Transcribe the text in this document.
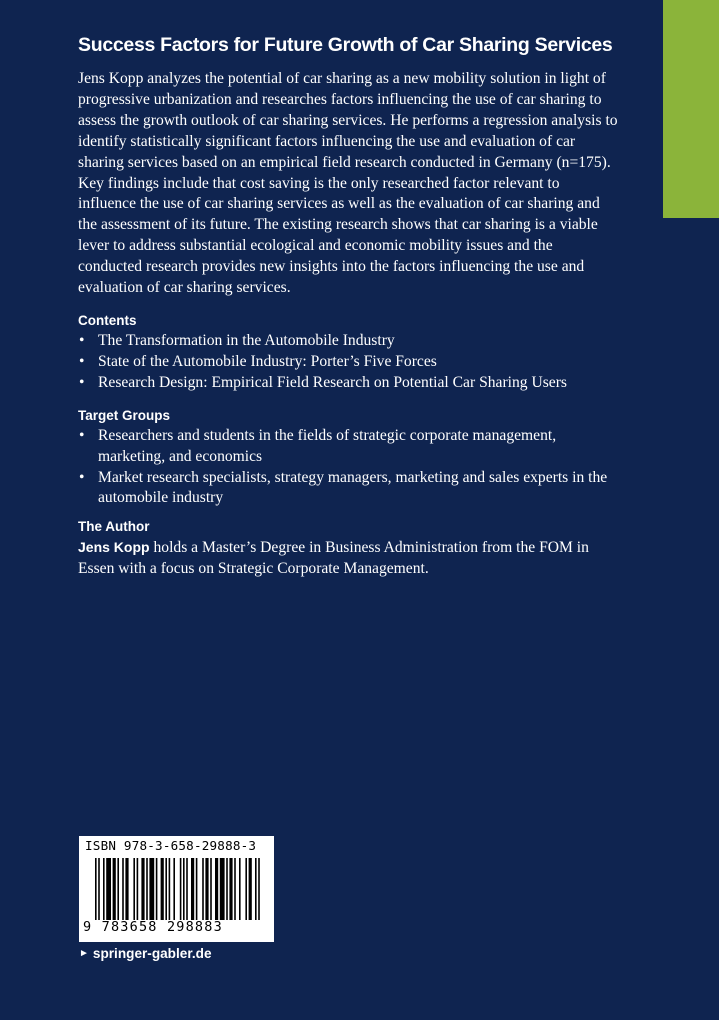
Success Factors for Future Growth of Car Sharing Services

Jens Kopp analyzes the potential of car sharing as a new mobility solution in light of progressive urbanization and researches factors influencing the use of car sharing to assess the growth outlook of car sharing services. He performs a regression analysis to identify statistically significant factors influencing the use and evaluation of car sharing services based on an empirical field research conducted in Germany (n=175). Key findings include that cost saving is the only researched factor relevant to influence the use of car sharing services as well as the evaluation of car sharing and the assessment of its future. The existing research shows that car sharing is a viable lever to address substantial ecological and economic mobility issues and the conducted research provides new insights into the factors influencing the use and evaluation of car sharing services.

Contents
• The Transformation in the Automobile Industry
• State of the Automobile Industry: Porter’s Five Forces
• Research Design: Empirical Field Research on Potential Car Sharing Users
Target Groups
• Researchers and students in the fields of strategic corporate management, marketing, and economics
• Market research specialists, strategy managers, marketing and sales experts in the automobile industry
The Author

Jens Kopp holds a Master’s Degree in Business Administration from the FOM in Essen with a focus on Strategic Corporate Management.

ISBN 978-3-658-29888-3
9 783658 298883
► springer-gabler.de
